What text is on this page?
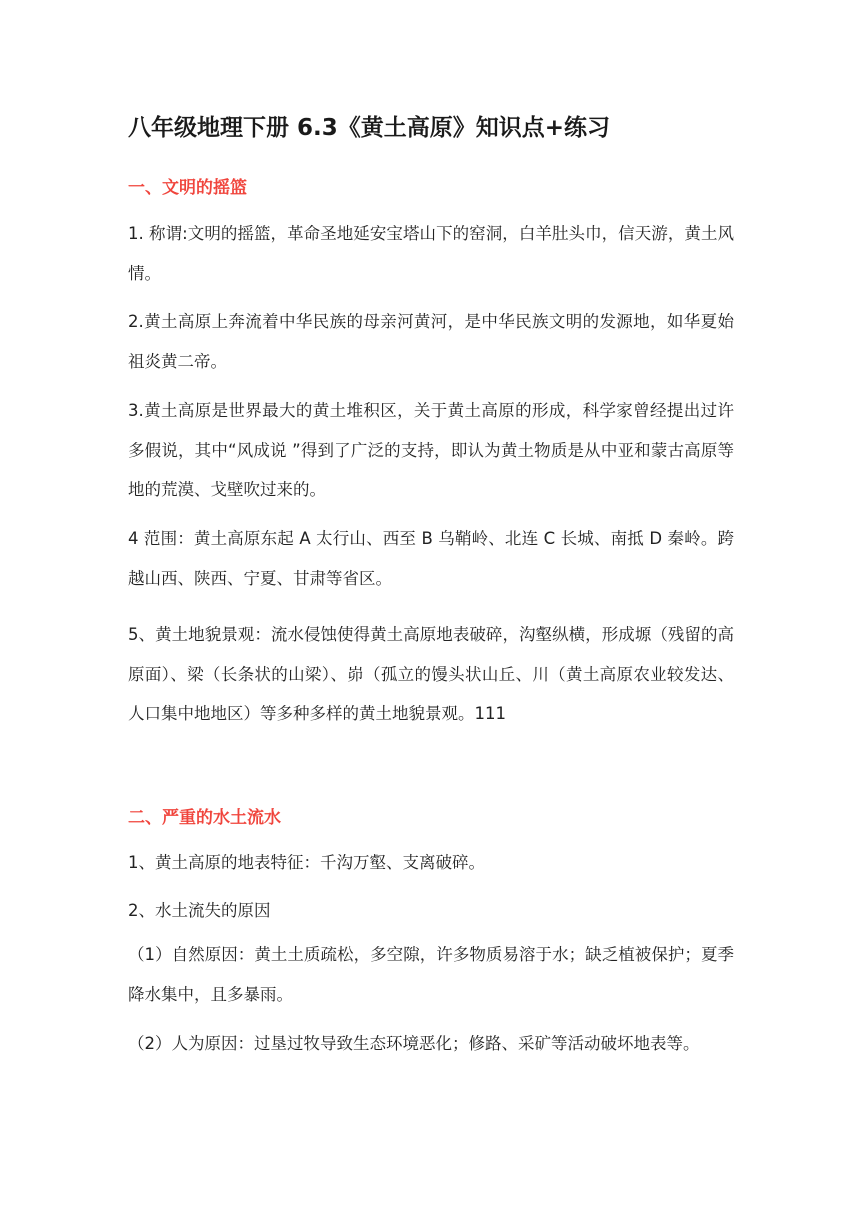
八年级地理下册 6.3《黄土高原》知识点+练习
一、文明的摇篮

1. 称谓:文明的摇篮，革命圣地延安宝塔山下的窑洞，白羊肚头巾，信天游，黄土风情。

2.黄土高原上奔流着中华民族的母亲河黄河，是中华民族文明的发源地，如华夏始祖炎黄二帝。

3.黄土高原是世界最大的黄土堆积区，关于黄土高原的形成，科学家曾经提出过许多假说，其中“风成说 ”得到了广泛的支持，即认为黄土物质是从中亚和蒙古高原等地的荒漠、戈壁吹过来的。

4 范围：黄土高原东起 A 太行山、西至 B 乌鞘岭、北连 C 长城、南抵 D 秦岭。跨越山西、陕西、宁夏、甘肃等省区。

5、黄土地貌景观：流水侵蚀使得黄土高原地表破碎，沟壑纵横，形成塬（残留的高原面）、梁（长条状的山梁）、峁（孤立的馒头状山丘、川（黄土高原农业较发达、人口集中地地区）等多种多样的黄土地貌景观。111

二、严重的水土流水

1、黄土高原的地表特征：千沟万壑、支离破碎。

2、水土流失的原因

（1）自然原因：黄土土质疏松，多空隙，许多物质易溶于水；缺乏植被保护；夏季降水集中，且多暴雨。

（2）人为原因：过垦过牧导致生态环境恶化；修路、采矿等活动破坏地表等。
